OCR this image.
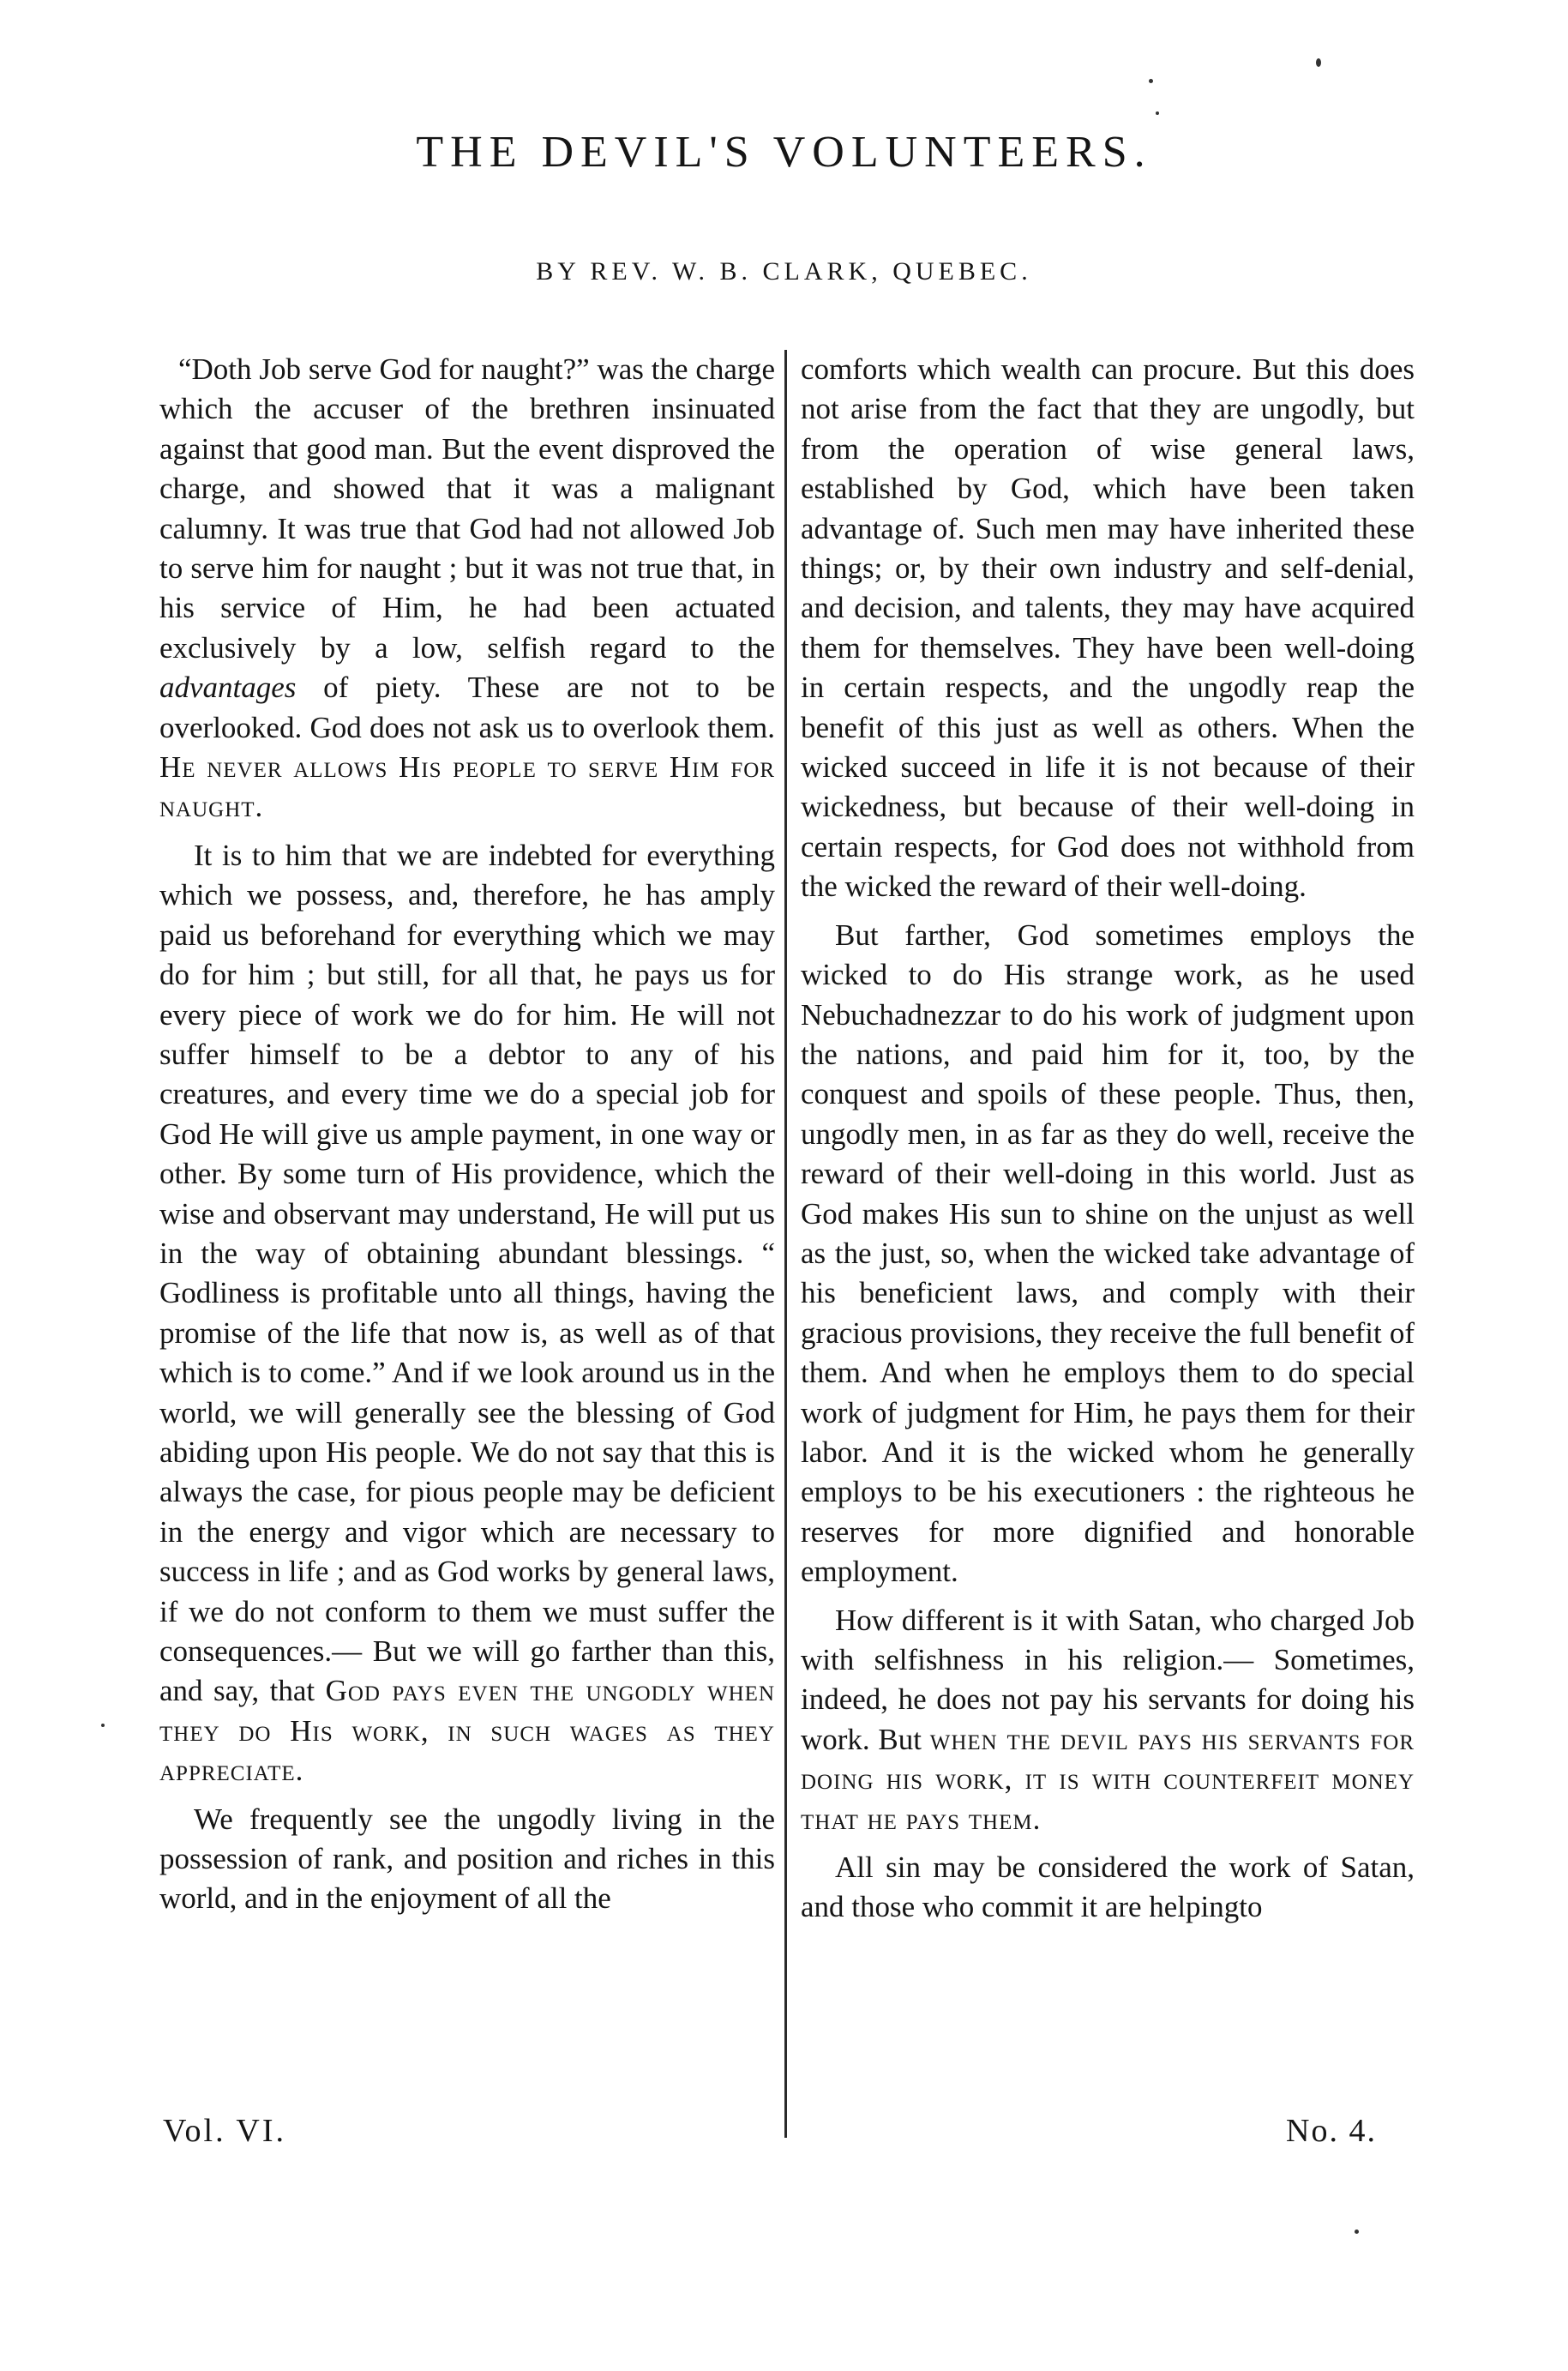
THE DEVIL'S VOLUNTEERS.
BY REV. W. B. CLARK, QUEBEC.

“Doth Job serve God for naught?” was the charge which the accuser of the brethren insinuated against that good man. But the event disproved the charge, and showed that it was a malignant calumny. It was true that God had not allowed Job to serve him for naught ; but it was not true that, in his service of Him, he had been actuated exclusively by a low, selfish regard to the advantages of piety. These are not to be overlooked. God does not ask us to overlook them. He never allows His people to serve Him for naught.

It is to him that we are indebted for everything which we possess, and, therefore, he has amply paid us beforehand for everything which we may do for him ; but still, for all that, he pays us for every piece of work we do for him. He will not suffer himself to be a debtor to any of his creatures, and every time we do a special job for God He will give us ample payment, in one way or other. By some turn of His providence, which the wise and observant may understand, He will put us in the way of obtaining abundant blessings. “ Godliness is profitable unto all things, having the promise of the life that now is, as well as of that which is to come.” And if we look around us in the world, we will generally see the blessing of God abiding upon His people. We do not say that this is always the case, for pious people may be deficient in the energy and vigor which are necessary to success in life ; and as God works by general laws, if we do not conform to them we must suffer the consequences.— But we will go farther than this, and say, that God pays even the ungodly when they do His work, in such wages as they appreciate.

We frequently see the ungodly living in the possession of rank, and position and riches in this world, and in the enjoyment of all the

comforts which wealth can procure. But this does not arise from the fact that they are ungodly, but from the operation of wise general laws, established by God, which have been taken advantage of. Such men may have inherited these things; or, by their own industry and self-denial, and decision, and talents, they may have acquired them for themselves. They have been well-doing in certain respects, and the ungodly reap the benefit of this just as well as others. When the wicked succeed in life it is not because of their wickedness, but because of their well-doing in certain respects, for God does not withhold from the wicked the reward of their well-doing.

But farther, God sometimes employs the wicked to do His strange work, as he used Nebuchadnezzar to do his work of judgment upon the nations, and paid him for it, too, by the conquest and spoils of these people. Thus, then, ungodly men, in as far as they do well, receive the reward of their well-doing in this world. Just as God makes His sun to shine on the unjust as well as the just, so, when the wicked take advantage of his beneficient laws, and comply with their gracious provisions, they receive the full benefit of them. And when he employs them to do special work of judgment for Him, he pays them for their labor. And it is the wicked whom he generally employs to be his executioners : the righteous he reserves for more dignified and honorable employment.

How different is it with Satan, who charged Job with selfishness in his religion.— Sometimes, indeed, he does not pay his servants for doing his work. But when the devil pays his servants for doing his work, it is with counterfeit money that he pays them.

All sin may be considered the work of Satan, and those who commit it are helpingto

Vol. VI.	No. 4.
